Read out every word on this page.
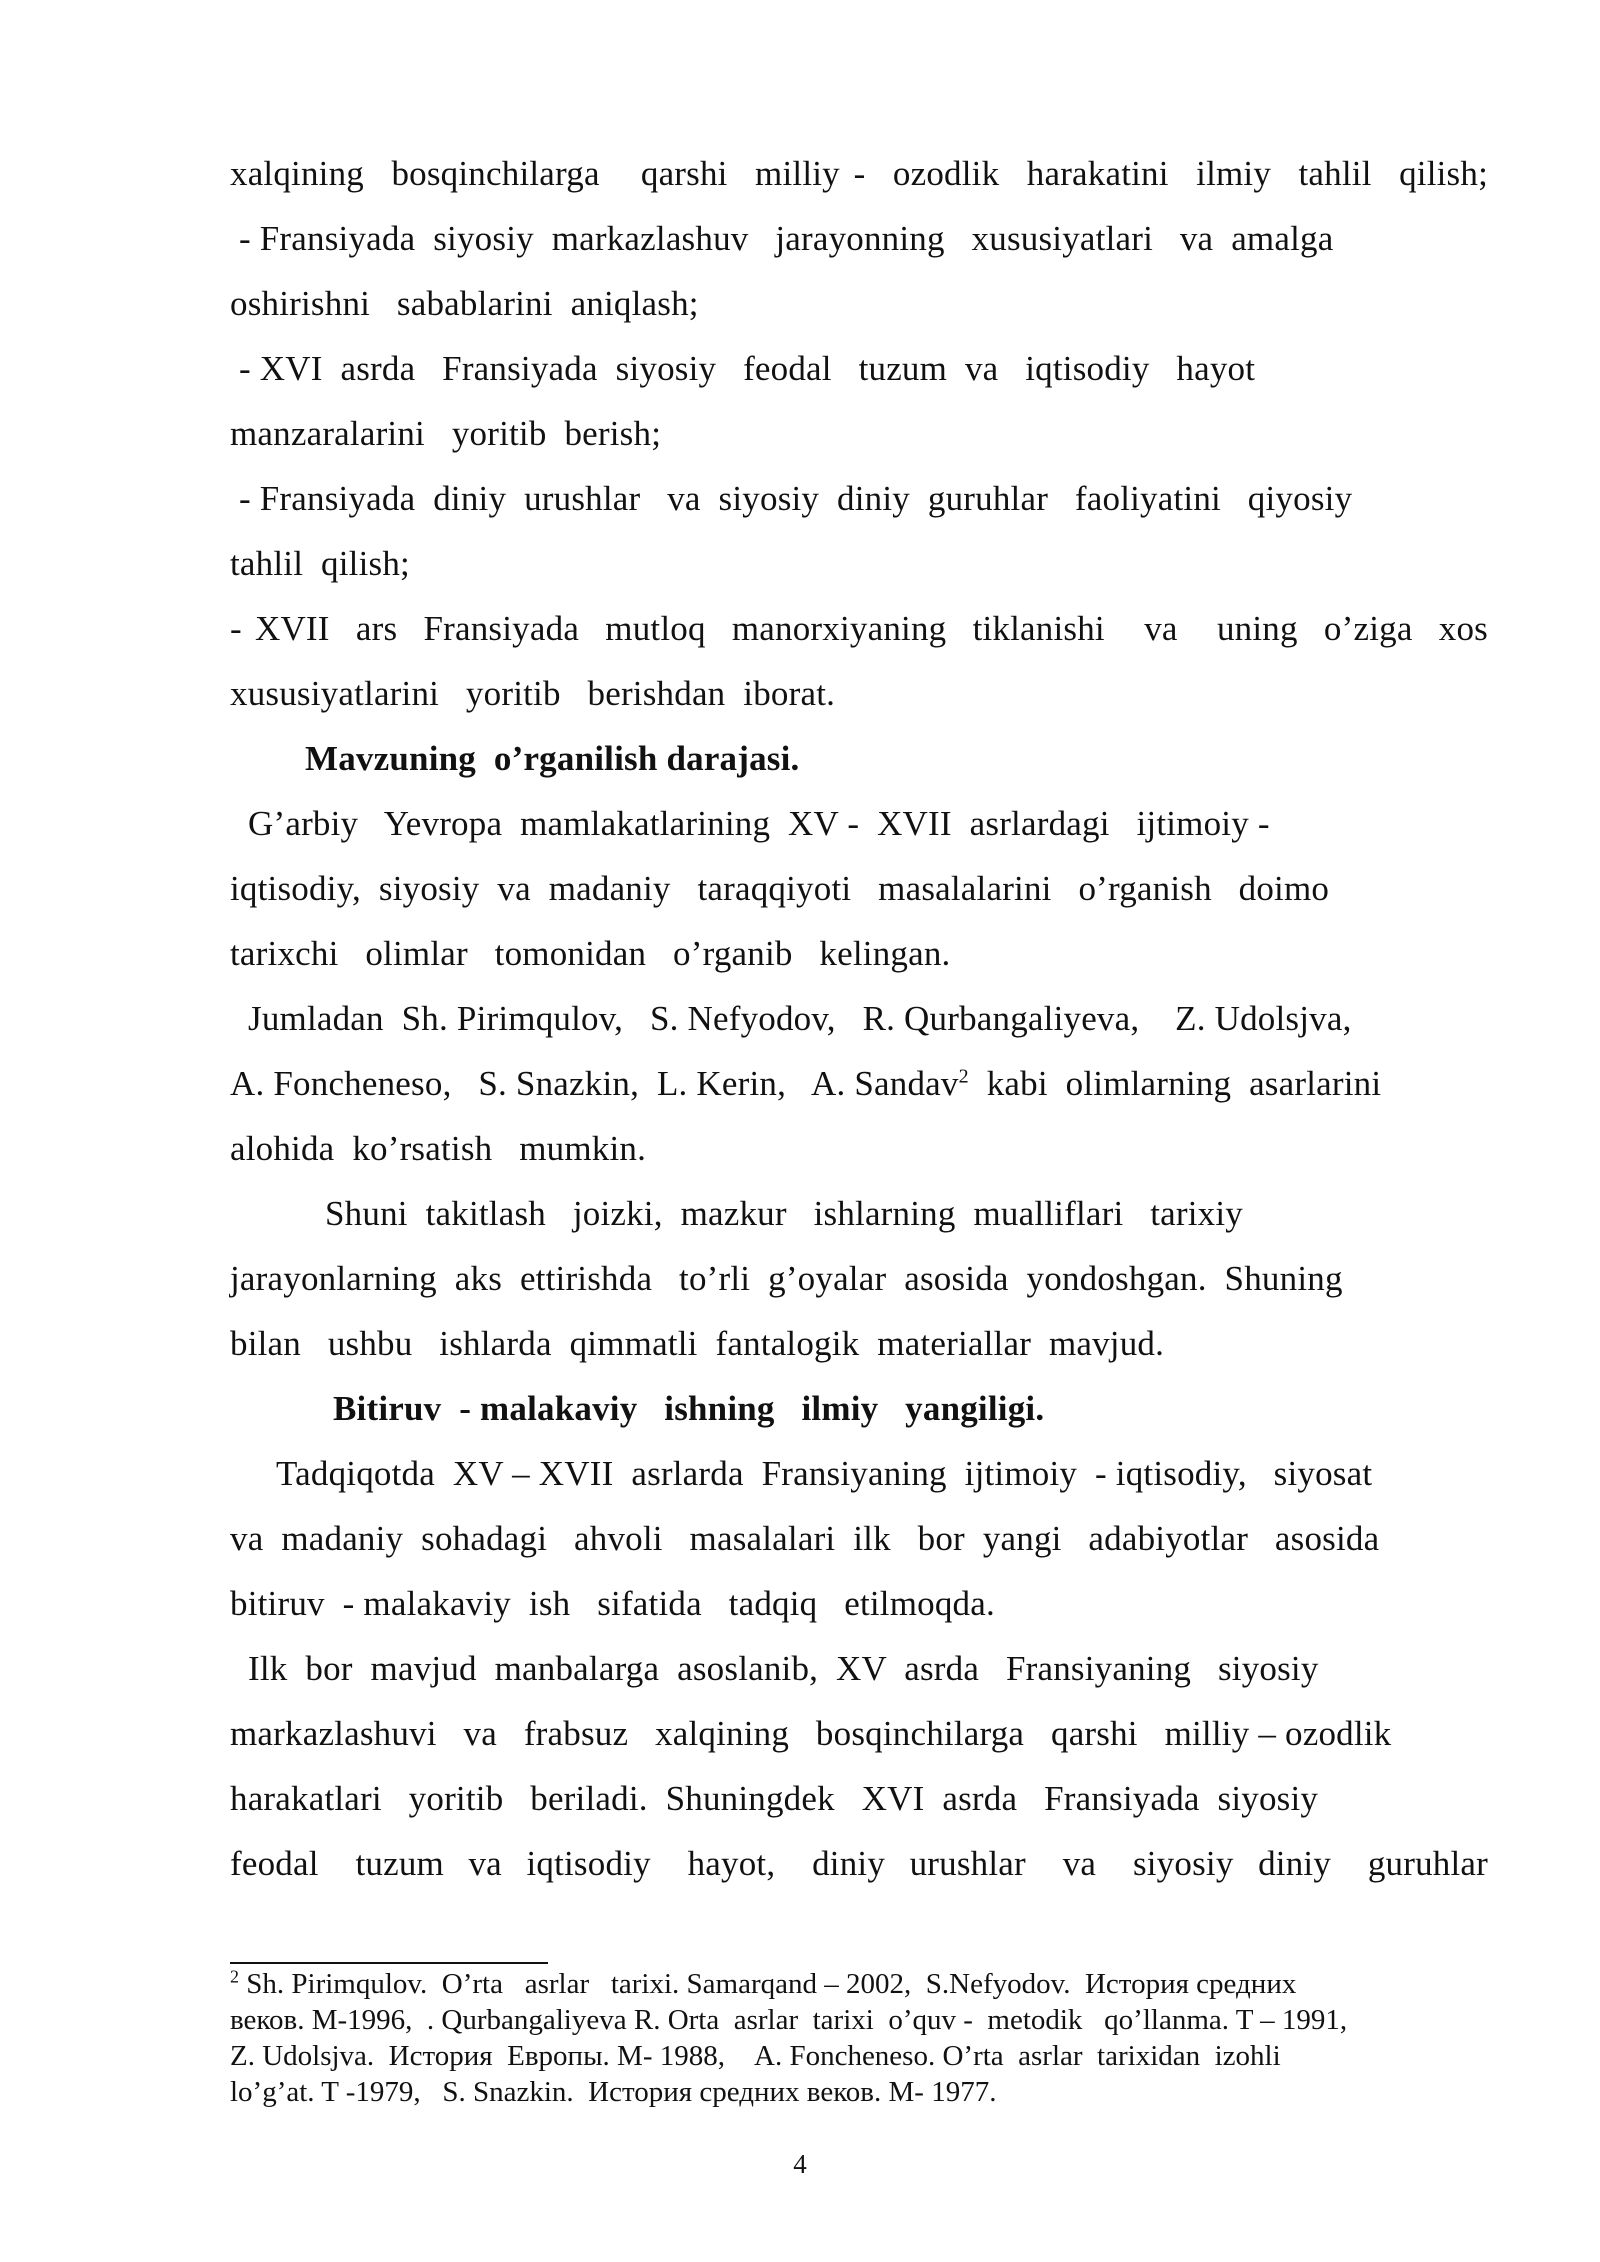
xalqining  bosqinchilarga   qarshi  milliy -  ozodlik  harakatini  ilmiy  tahlil  qilish;
- Fransiyada  siyosiy  markazlashuv   jarayonning   xususiyatlari   va  amalga
oshirishni   sabablarini  aniqlash;
- XVI  asrda   Fransiyada  siyosiy   feodal   tuzum  va   iqtisodiy   hayot
manzaralarini   yoritib  berish;
- Fransiyada  diniy  urushlar   va  siyosiy  diniy  guruhlar   faoliyatini   qiyosiy
tahlil  qilish;
- XVII  ars  Fransiyada  mutloq  manorxiyaning  tiklanishi   va   uning  o’ziga  xos
xususiyatlarini   yoritib   berishdan  iborat.
Mavzuning  o’rganilish darajasi.
G’arbiy   Yevropa  mamlakatlarining  XV -  XVII  asrlardagi   ijtimoiy -
iqtisodiy,  siyosiy  va  madaniy   taraqqiyoti   masalalarini   o’rganish   doimo
tarixchi   olimlar   tomonidan   o’rganib   kelingan.
Jumladan  Sh. Pirimqulov,   S. Nefyodov,   R. Qurbangaliyeva,    Z. Udolsjva,
A. Foncheneso,   S. Snazkin,  L. Kerin,   A. Sandav$^2$  kabi  olimlarning  asarlarini
alohida  ko’rsatish   mumkin.
Shuni  takitlash   joizki,  mazkur   ishlarning  mualliflari   tarixiy
jarayonlarning  aks  ettirishda   to’rli  g’oyalar  asosida  yondoshgan.  Shuning
bilan   ushbu   ishlarda  qimmatli  fantalogik  materiallar  mavjud.
Bitiruv  - malakaviy   ishning   ilmiy   yangiligi.
Tadqiqotda  XV – XVII  asrlarda  Fransiyaning  ijtimoiy  - iqtisodiy,   siyosat
va  madaniy  sohadagi   ahvoli   masalalari  ilk   bor  yangi   adabiyotlar   asosida
bitiruv  - malakaviy  ish   sifatida   tadqiq   etilmoqda.
Ilk  bor  mavjud  manbalarga  asoslanib,  XV  asrda   Fransiyaning   siyosiy
markazlashuvi   va   frabsuz   xalqining   bosqinchilarga   qarshi   milliy – ozodlik
harakatlari   yoritib   beriladi.  Shuningdek   XVI  asrda   Fransiyada  siyosiy
feodal   tuzum  va  iqtisodiy   hayot,   diniy  urushlar   va   siyosiy  diniy   guruhlar
$^2$ Sh. Pirimqulov.  O’rta   asrlar   tarixi. Samarqand – 2002,  S.Nefyodov.  История средних
веков. М-1996,  . Qurbangaliyeva R. Orta  asrlar  tarixi  o’quv -  metodik   qo’llanma. T – 1991,
Z. Udolsjva.  История  Европы. М- 1988,    A. Foncheneso. O’rta  asrlar  tarixidan  izohli
lo’g’at. T -1979,   S. Snazkin.  История средних веков. М- 1977.
4
